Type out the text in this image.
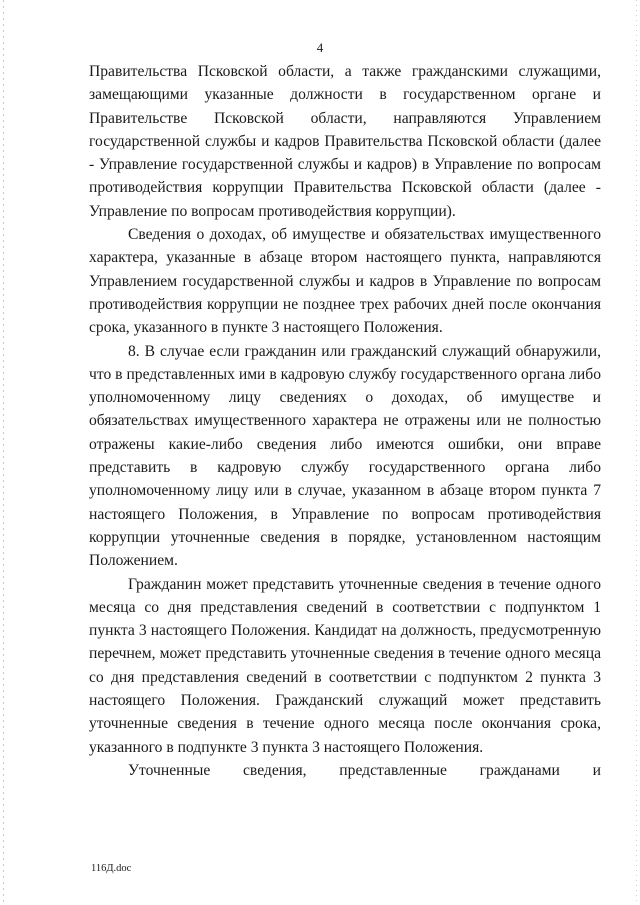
4

Правительства Псковской области, а также гражданскими служащими, замещающими указанные должности в государственном органе и Правительстве Псковской области, направляются Управлением государственной службы и кадров Правительства Псковской области (далее - Управление государственной службы и кадров) в Управление по вопросам противодействия коррупции Правительства Псковской области (далее - Управление по вопросам противодействия коррупции).

Сведения о доходах, об имуществе и обязательствах имущественного характера, указанные в абзаце втором настоящего пункта, направляются Управлением государственной службы и кадров в Управление по вопросам противодействия коррупции не позднее трех рабочих дней после окончания срока, указанного в пункте 3 настоящего Положения.

8. В случае если гражданин или гражданский служащий обнаружили, что в представленных ими в кадровую службу государственного органа либо уполномоченному лицу сведениях о доходах, об имуществе и обязательствах имущественного характера не отражены или не полностью отражены какие-либо сведения либо имеются ошибки, они вправе представить в кадровую службу государственного органа либо уполномоченному лицу или в случае, указанном в абзаце втором пункта 7 настоящего Положения, в Управление по вопросам противодействия коррупции уточненные сведения в порядке, установленном настоящим Положением.

Гражданин может представить уточненные сведения в течение одного месяца со дня представления сведений в соответствии с подпунктом 1 пункта 3 настоящего Положения. Кандидат на должность, предусмотренную перечнем, может представить уточненные сведения в течение одного месяца со дня представления сведений в соответствии с подпунктом 2 пункта 3 настоящего Положения. Гражданский служащий может представить уточненные сведения в течение одного месяца после окончания срока, указанного в подпункте 3 пункта 3 настоящего Положения.

Уточненные сведения, представленные гражданами и

116Д.doc
